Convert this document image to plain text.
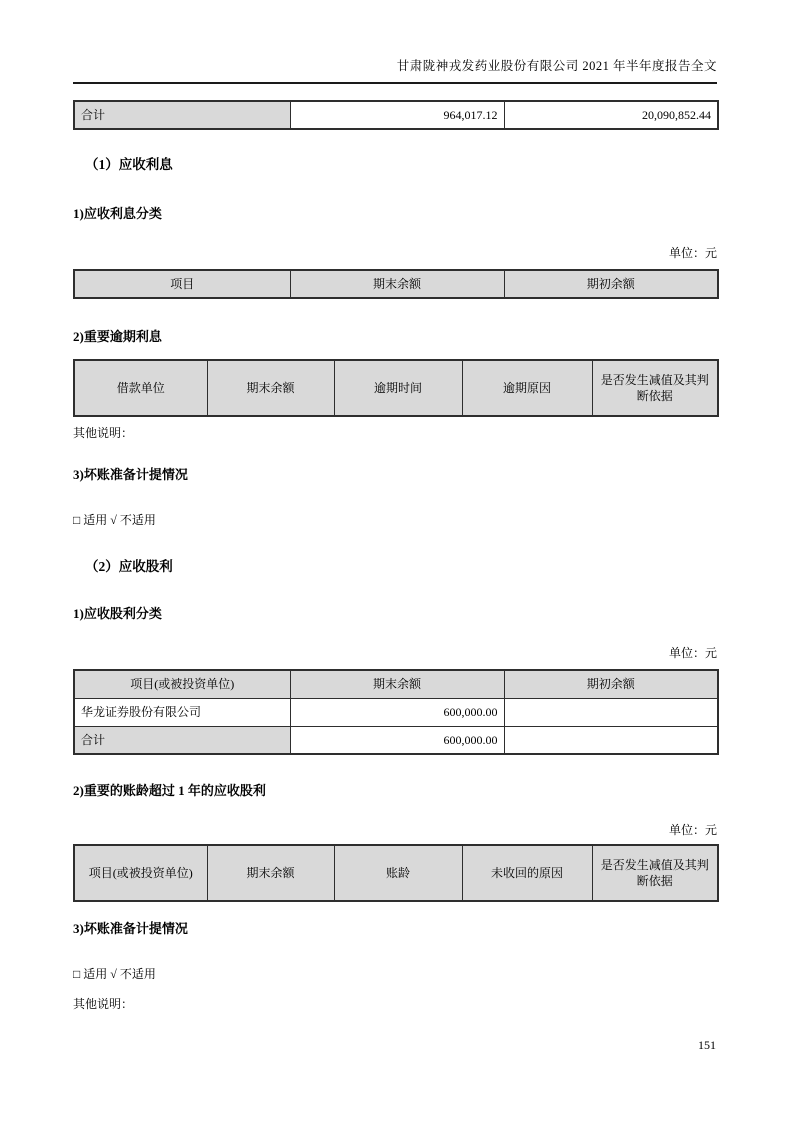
甘肃陇神戎发药业股份有限公司 2021 年半年度报告全文
合计	964,017.12	20,090,852.44
（1）应收利息
1)应收利息分类
单位：元
项目	期末余额	期初余额
2)重要逾期利息
借款单位	期末余额	逾期时间	逾期原因	是否发生减值及其判断依据
其他说明：
3)坏账准备计提情况
□ 适用 √ 不适用
（2）应收股利
1)应收股利分类
单位：元
项目(或被投资单位)	期末余额	期初余额
华龙证券股份有限公司	600,000.00	
合计	600,000.00	
2)重要的账龄超过 1 年的应收股利
单位：元
项目(或被投资单位)	期末余额	账龄	未收回的原因	是否发生减值及其判断依据
3)坏账准备计提情况
□ 适用 √ 不适用
其他说明：
151
